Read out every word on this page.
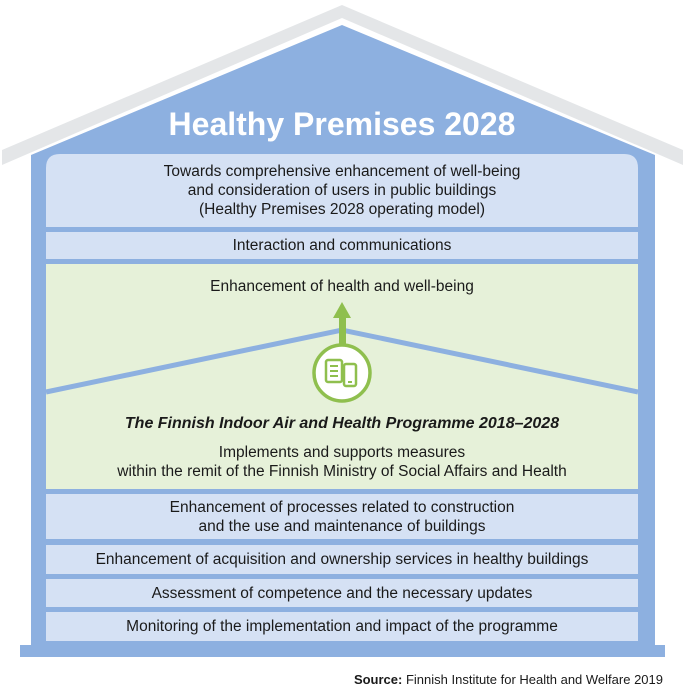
Healthy Premises 2028
Towards comprehensive enhancement of well-being
and consideration of users in public buildings
(Healthy Premises 2028 operating model)
Interaction and communications
Enhancement of health and well-being
The Finnish Indoor Air and Health Programme 2018–2028
Implements and supports measures
within the remit of the Finnish Ministry of Social Affairs and Health
Enhancement of processes related to construction
and the use and maintenance of buildings
Enhancement of acquisition and ownership services in healthy buildings
Assessment of competence and the necessary updates
Monitoring of the implementation and impact of the programme
Source: Finnish Institute for Health and Welfare 2019
